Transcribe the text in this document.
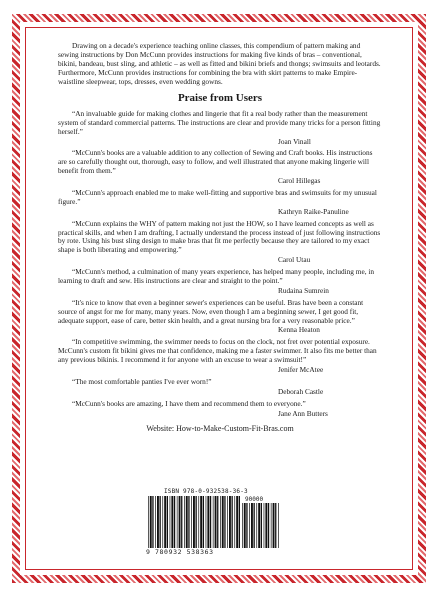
Drawing on a decade's experience teaching online classes, this compendium of pattern making and sewing instructions by Don McCunn provides instructions for making five kinds of bras – conventional, bikini, bandeau, bust sling, and athletic – as well as fitted and bikini briefs and thongs; swimsuits and leotards. Furthermore, McCunn provides instructions for combining the bra with skirt patterns to make Empire-waistline sleepwear, tops, dresses, even wedding gowns.

Praise from Users

“An invaluable guide for making clothes and lingerie that fit a real body rather than the measurement system of standard commercial patterns. The instructions are clear and provide many tricks for a person fitting herself.”

Joan Vinall

“McCunn's books are a valuable addition to any collection of Sewing and Craft books. His instructions are so carefully thought out, thorough, easy to follow, and well illustrated that anyone making lingerie will benefit from them.”

Carol Hillegas

“McCunn's approach enabled me to make well-fitting and supportive bras and swimsuits for my unusual figure.”

Kathryn Raike-Panuline

“McCunn explains the WHY of pattern making not just the HOW, so I have learned concepts as well as practical skills, and when I am drafting, I actually understand the process instead of just following instructions by rote. Using his bust sling design to make bras that fit me perfectly because they are tailored to my exact shape is both liberating and empowering.”

Carol Utau

“McCunn's method, a culmination of many years experience, has helped many people, including me, in learning to draft and sew. His instructions are clear and straight to the point.”

Rudaina Sumrein

“It's nice to know that even a beginner sewer's experiences can be useful. Bras have been a constant source of angst for me for many, many years. Now, even though I am a beginning sewer, I get good fit, adequate support, ease of care, better skin health, and a great nursing bra for a very reasonable price.”

Kenna Heaton

“In competitive swimming, the swimmer needs to focus on the clock, not fret over potential exposure. McCunn's custom fit bikini gives me that confidence, making me a faster swimmer. It also fits me better than any previous bikinis. I recommend it for anyone with an excuse to wear a swimsuit!”

Jenifer McAtee

“The most comfortable panties I've ever worn!”

Deborah Castle

“McCunn's books are amazing, I have them and recommend them to everyone.”

Jane Ann Butters

Website: How-to-Make-Custom-Fit-Bras.com
ISBN 978-0-932538-36-3
90000
9 780932 538363
